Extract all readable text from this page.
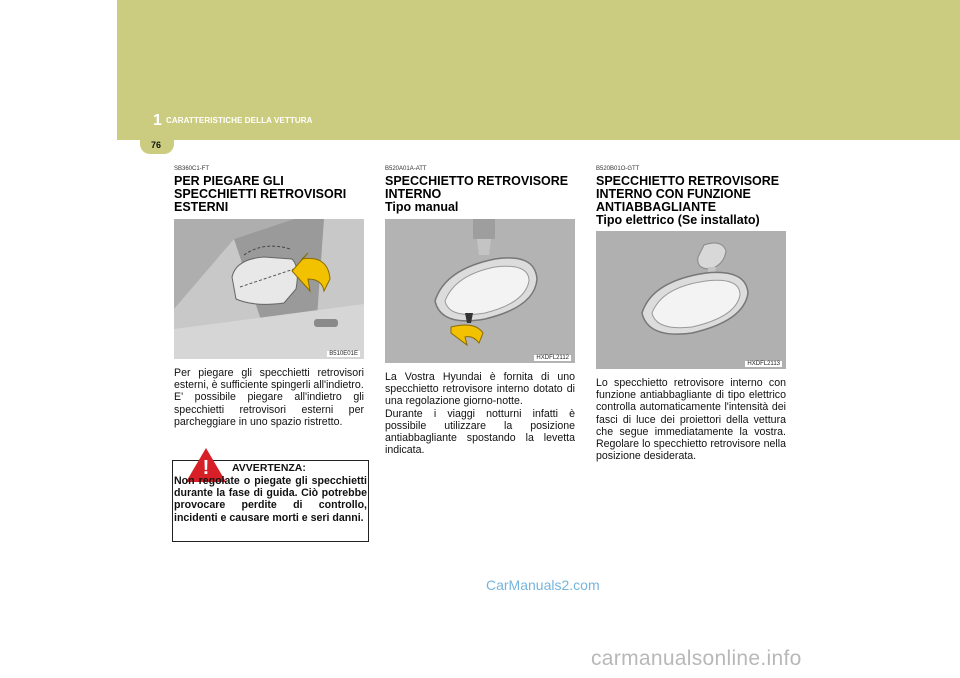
1 CARATTERISTICHE DELLA VETTURA
76
SB360C1-FT
PER PIEGARE GLI
SPECCHIETTI RETROVISORI
ESTERNI
B510E01E
Per piegare gli specchietti retrovisori esterni, è sufficiente spingerli all'indietro.
E' possibile piegare all'indietro gli specchietti retrovisori esterni per parcheggiare in uno spazio ristretto.
! AVVERTENZA:
Non regolate o piegate gli specchietti durante la fase di guida. Ciò potrebbe provocare perdite di controllo, incidenti e causare morti e seri danni.
B520A01A-ATT
SPECCHIETTO RETROVISORE
INTERNO
Tipo manual
HXDFL2112
La Vostra Hyundai è fornita di uno specchietto retrovisore interno dotato di una regolazione giorno-notte.
Durante i viaggi notturni infatti è possibile utilizzare la posizione antiabbagliante spostando la levetta indicata.
B520B01O-GTT
SPECCHIETTO RETROVISORE
INTERNO CON FUNZIONE
ANTIABBAGLIANTE
Tipo elettrico (Se installato)
HXDFL2113
Lo specchietto retrovisore interno con funzione antiabbagliante di tipo elettrico controlla automaticamente l'intensità dei fasci di luce dei proiettori della vettura che segue immediatamente la vostra. Regolare lo specchietto retrovisore nella posizione desiderata.
CarManuals2.com
carmanualsonline.info
